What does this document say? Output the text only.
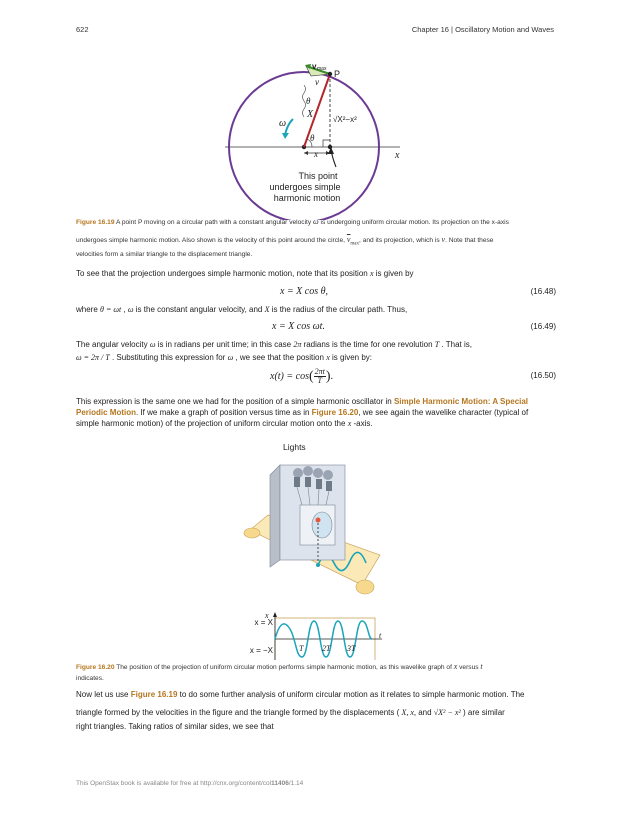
622	Chapter 16 | Oscillatory Motion and Waves
v max P
v
θ
X
ω	√X²−x²
θ
x	x
This point
undergoes simple
harmonic motion
Figure 16.19 A point P moving on a circular path with a constant angular velocity ω is undergoing uniform circular motion. Its projection on the x-axis
undergoes simple harmonic motion. Also shown is the velocity of this point around the circle, $\overline{v}_{max}$, and its projection, which is v. Note that these
velocities form a similar triangle to the displacement triangle.
To see that the projection undergoes simple harmonic motion, note that its position x is given by
x = X cos θ,	(16.48)
where θ = ωt , ω is the constant angular velocity, and X is the radius of the circular path. Thus,
x = X cos ωt.	(16.49)
The angular velocity ω is in radians per unit time; in this case 2π radians is the time for one revolution T . That is,
ω = 2π / T . Substituting this expression for ω , we see that the position x is given by:
x(t) = cos ( 2πt
T ) .	(16.50)
This expression is the same one we had for the position of a simple harmonic oscillator in Simple Harmonic Motion: A Special Periodic Motion. If we make a graph of position versus time as in Figure 16.20, we see again the wavelike character (typical of
simple harmonic motion) of the projection of uniform circular motion onto the x -axis.
Lights
x = X
x = −X
x
t
T 2T 3T
Figure 16.20 The position of the projection of uniform circular motion performs simple harmonic motion, as this wavelike graph of x versus t
indicates.
Now let us use Figure 16.19 to do some further analysis of uniform circular motion as it relates to simple harmonic motion. The
triangle formed by the velocities in the figure and the triangle formed by the displacements ( X, x, and √X² − x² ) are similar
right triangles. Taking ratios of similar sides, we see that
This OpenStax book is available for free at http://cnx.org/content/col11406/1.14
